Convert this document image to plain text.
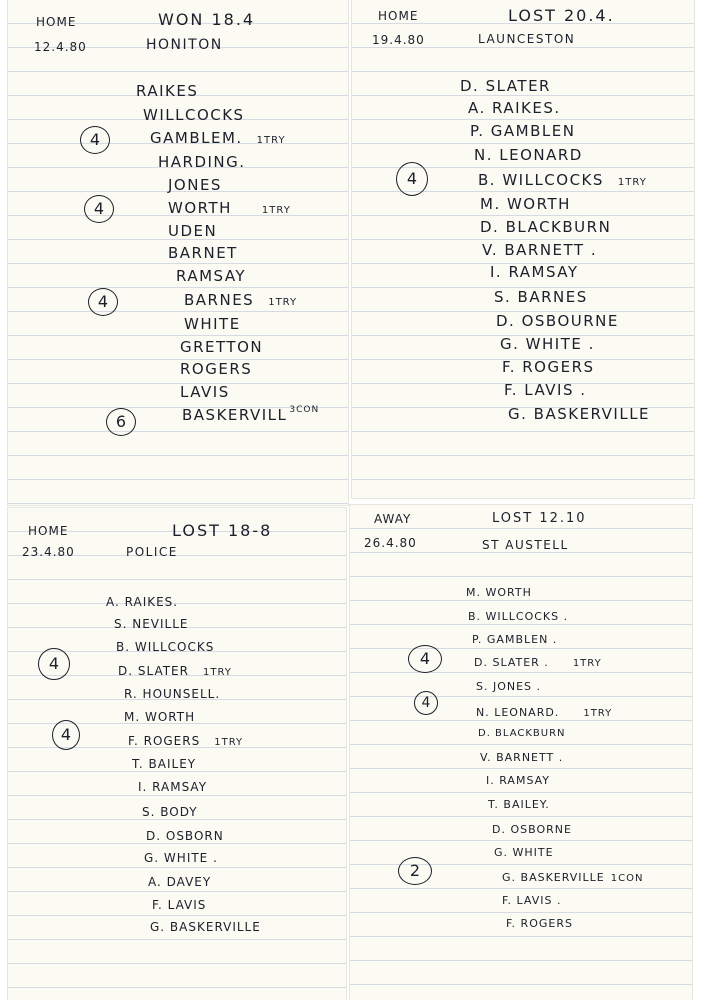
HOME
12.4.80
WON 18.4
HONITON
RAIKES
WILLCOCKS
GAMBLEM. 1TRY
HARDING.
JONES
WORTH	1TRY
UDEN
BARNET
RAMSAY
BARNES 1TRY
WHITE
GRETTON
ROGERS
LAVIS
BASKERVILL $^{3CON}$
4
4
4
6
HOME
19.4.80
LOST 20.4.
LAUNCESTON
D. SLATER
A. RAIKES.
P. GAMBLEN
N. LEONARD
B. WILLCOCKS 1TRY
M. WORTH
D. BLACKBURN
V. BARNETT .
I. RAMSAY
S. BARNES
D. OSBOURNE
G. WHITE .
F. ROGERS
F. LAVIS .
G. BASKERVILLE
4
HOME
23.4.80
LOST 18-8
POLICE
A. RAIKES.
S. NEVILLE
B. WILLCOCKS
D. SLATER 1TRY
R. HOUNSELL.
M. WORTH
F. ROGERS 1TRY
T. BAILEY
I. RAMSAY
S. BODY
D. OSBORN
G. WHITE .
A. DAVEY
F. LAVIS
G. BASKERVILLE
4
4
AWAY
26.4.80
LOST 12.10
ST AUSTELL
M. WORTH
B. WILLCOCKS .
P. GAMBLEN .
D. SLATER . 1TRY
S. JONES .
N. LEONARD. 1TRY
D. BLACKBURN
V. BARNETT .
I. RAMSAY
T. BAILEY.
D. OSBORNE
G. WHITE
G. BASKERVILLE 1CON
F. LAVIS .
F. ROGERS
4
4
2
